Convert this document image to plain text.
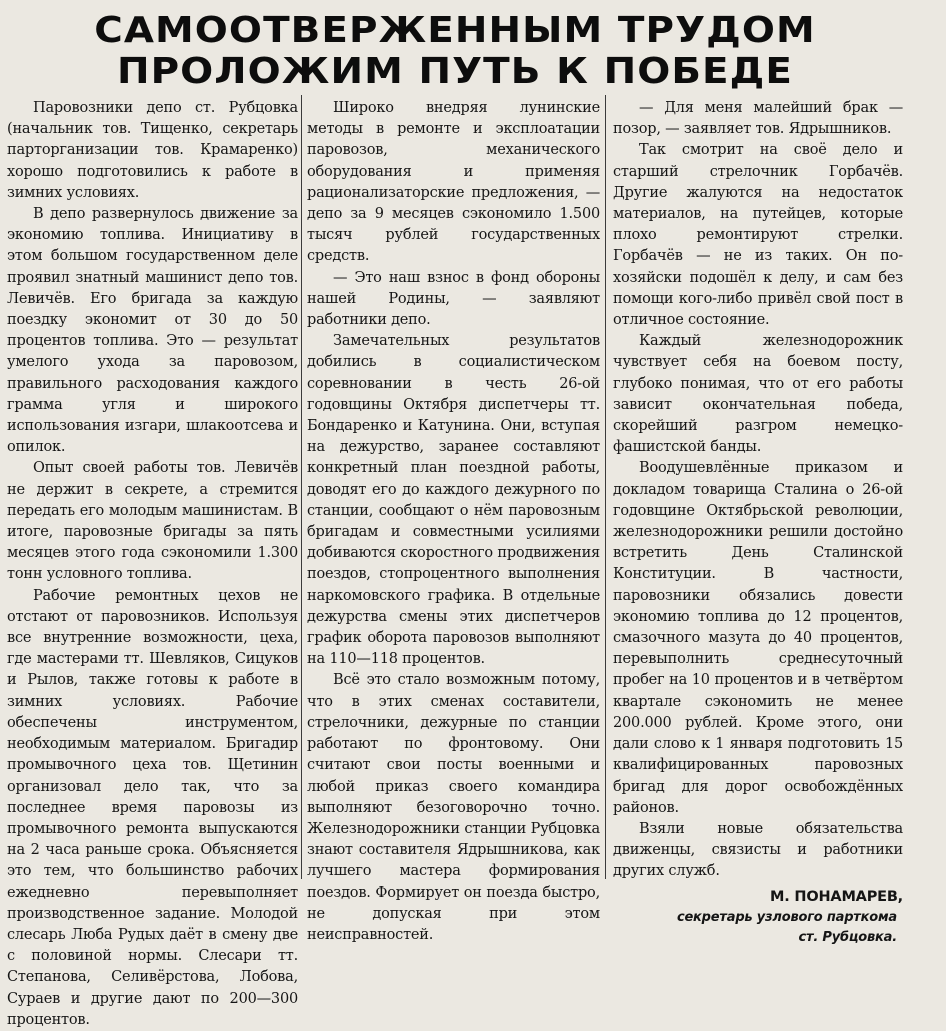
САМООТВЕРЖЕННЫМ ТРУДОМ
ПРОЛОЖИМ ПУТЬ К ПОБЕДЕ

Паровозники депо ст. Рубцовка (начальник тов. Тищенко, секретарь парторганизации тов. Крамаренко) хорошо подготовились к работе в зимних условиях.

В депо развернулось движение за экономию топлива. Инициативу в этом большом государственном деле проявил знатный машинист депо тов. Левичёв. Его бригада за каждую поездку экономит от 30 до 50 процентов топлива. Это — результат умелого ухода за паровозом, правильного расходования каждого грамма угля и широкого использования изгари, шлакоотсева и опилок.

Опыт своей работы тов. Левичёв не держит в секрете, а стремится передать его молодым машинистам. В итоге, паровозные бригады за пять месяцев этого года сэкономили 1.300 тонн условного топлива.

Рабочие ремонтных цехов не отстают от паровозников. Используя все внутренние возможности, цеха, где мастерами тт. Шевляков, Сицуков и Рылов, также готовы к работе в зимних условиях. Рабочие обеспечены инструментом, необходимым материалом. Бригадир промывочного цеха тов. Щетинин организовал дело так, что за последнее время паровозы из промывочного ремонта выпускаются на 2 часа раньше срока. Объясняется это тем, что большинство рабочих ежедневно перевыполняет производственное задание. Молодой слесарь Люба Рудых даёт в смену две с половиной нормы. Слесари тт. Степанова, Селивёрстова, Лобова, Сураев и другие дают по 200—300 процентов.

Широко внедряя лунинские методы в ремонте и эксплоатации паровозов, механического оборудования и применяя рационализаторские предложения, — депо за 9 месяцев сэкономило 1.500 тысяч рублей государственных средств.

— Это наш взнос в фонд обороны нашей Родины, — заявляют работники депо.

Замечательных результатов добились в социалистическом соревновании в честь 26-ой годовщины Октября диспетчеры тт. Бондаренко и Катунина. Они, вступая на дежурство, заранее составляют конкретный план поездной работы, доводят его до каждого дежурного по станции, сообщают о нём паровозным бригадам и совместными усилиями добиваются скоростного продвижения поездов, стопроцентного выполнения наркомовского графика. В отдельные дежурства смены этих диспетчеров график оборота паровозов выполняют на 110—118 процентов.

Всё это стало возможным потому, что в этих сменах составители, стрелочники, дежурные по станции работают по фронтовому. Они считают свои посты военными и любой приказ своего командира выполняют безоговорочно точно. Железнодорожники станции Рубцовка знают составителя Ядрышникова, как лучшего мастера формирования поездов. Формирует он поезда быстро, не допуская при этом неисправностей.

— Для меня малейший брак — позор, — заявляет тов. Ядрышников.

Так смотрит на своё дело и старший стрелочник Горбачёв. Другие жалуются на недостаток материалов, на путейцев, которые плохо ремонтируют стрелки. Горбачёв — не из таких. Он по-хозяйски подошёл к делу, и сам без помощи кого-либо привёл свой пост в отличное состояние.

Каждый железнодорожник чувствует себя на боевом посту, глубоко понимая, что от его работы зависит окончательная победа, скорейший разгром немецко-фашистской банды.

Воодушевлённые приказом и докладом товарища Сталина о 26-ой годовщине Октябрьской революции, железнодорожники решили достойно встретить День Сталинской Конституции. В частности, паровозники обязались довести экономию топлива до 12 процентов, смазочного мазута до 40 процентов, перевыполнить среднесуточный пробег на 10 процентов и в четвёртом квартале сэкономить не менее 200.000 рублей. Кроме этого, они дали слово к 1 января подготовить 15 квалифицированных паровозных бригад для дорог освобождённых районов.

Взяли новые обязательства движенцы, связисты и работники других служб.

М. ПОНАМАРЕВ,
секретарь узлового парткома
ст. Рубцовка.
